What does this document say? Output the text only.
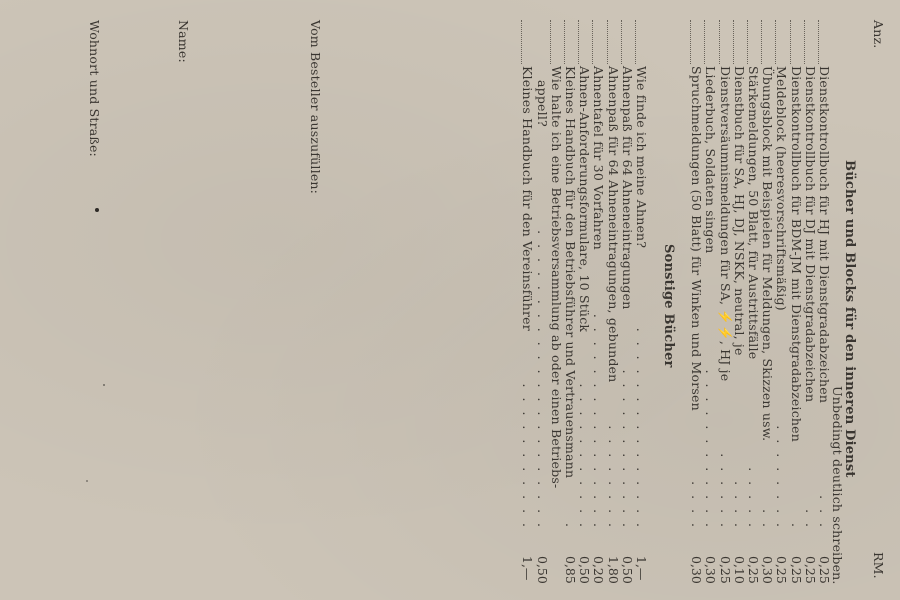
Anz.
RM.
Bücher und Blocks für den inneren Dienst
Sonstige Bücher
Unbedingt deutlich schreiben.
Vom Besteller auszufüllen:
Name:
Wohnort und Straße:	Dienstkontrollbuch für HJ mit Dienstgradabzeichen
. . .
0,25
Dienstkontrollbuch für DJ mit Dienstgradabzeichen
. .
0,25
Dienstkontrollbuch für BDM-JM mit Dienstgradabzeichen
.
0,25
Meldeblock (heeresvorschriftsmäßig)
. . . . . . . .
0,25
Übungsblock mit Beispielen für Meldungen, Skizzen usw.
. .
0,30
Stärkemeldungen, 50 Blatt, für Austrittsfälle
. . . . .
0,25
Dienstbuch für SA, HJ, DJ, NSKK, neutral, je
. . . .
0,10
Dienstversäumnismeldungen für SA, ⚡⚡, HJ je
. . . . . .
0,25
Liederbuch, Soldaten singen
. . . . . . . . . . . .
0,30
Spruchmeldungen (50 Blatt) für Winken und Morsen
. . . .
0,30
Wie finde ich meine Ahnen?
. . . . . . . . . . . . . . .
1,—
Ahnenpaß für 64 Ahneneintragungen
. . . . . . . . . . . .
0,50
Ahnenpaß für 64 Ahneneintragungen, gebunden
. . . . . . . .
1,80
Ahnentafel für 30 Vorfahren
. . . . . . . . . . . . . . . .
0,20
Ahnen-Anforderungsformulare, 10 Stück
. . . . . . . . . . .
0,50
Kleines Handbuch für den Betriebsführer und Vertrauensmann
.
0,85
Wie halte ich eine Betriebsversammlung ab oder einen Betriebs-
appell?
. . . . . . . . . . . . . . . . . . . . . .
0,50
Kleines Handbuch für den Vereinsführer
. . . . . . . . . . .
1,—
